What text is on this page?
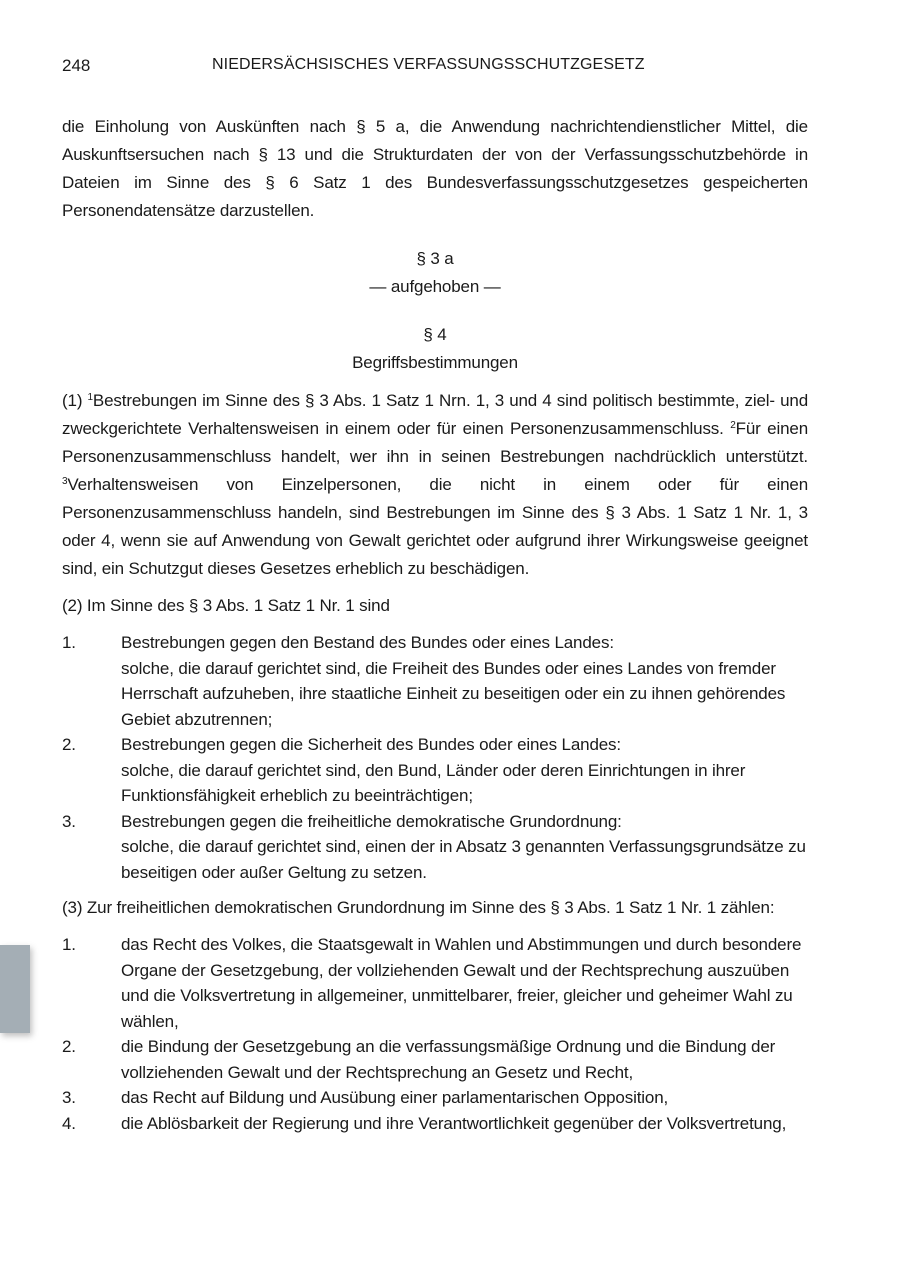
248	NIEDERSÄCHSISCHES VERFASSUNGSSCHUTZGESETZ

die Einholung von Auskünften nach § 5 a, die Anwendung nachrichtendienstlicher Mittel, die Auskunftsersuchen nach § 13 und die Strukturdaten der von der Verfassungsschutzbehörde in Dateien im Sinne des § 6 Satz 1 des Bundesverfassungsschutzgesetzes gespeicherten Personendatensätze darzustellen.

§ 3 a
— aufgehoben —
§ 4
Begriffsbestimmungen

(1) $^1$Bestrebungen im Sinne des § 3 Abs. 1 Satz 1 Nrn. 1, 3 und 4 sind politisch bestimmte, ziel- und zweckgerichtete Verhaltensweisen in einem oder für einen Personenzusammenschluss. $^2$Für einen Personenzusammenschluss handelt, wer ihn in seinen Bestrebungen nachdrücklich unterstützt. $^3$Verhaltensweisen von Einzelpersonen, die nicht in einem oder für einen Personenzusammenschluss handeln, sind Bestrebungen im Sinne des § 3 Abs. 1 Satz 1 Nr. 1, 3 oder 4, wenn sie auf Anwendung von Gewalt gerichtet oder aufgrund ihrer Wirkungsweise geeignet sind, ein Schutzgut dieses Gesetzes erheblich zu beschädigen.

(2) Im Sinne des § 3 Abs. 1 Satz 1 Nr. 1 sind

1.	Bestrebungen gegen den Bestand des Bundes oder eines Landes:
solche, die darauf gerichtet sind, die Freiheit des Bundes oder eines Landes von fremder Herrschaft aufzuheben, ihre staatliche Einheit zu beseitigen oder ein zu ihnen gehörendes Gebiet abzutrennen;
2.	Bestrebungen gegen die Sicherheit des Bundes oder eines Landes:
solche, die darauf gerichtet sind, den Bund, Länder oder deren Einrichtungen in ihrer Funktionsfähigkeit erheblich zu beeinträchtigen;
3.	Bestrebungen gegen die freiheitliche demokratische Grundordnung:
solche, die darauf gerichtet sind, einen der in Absatz 3 genannten Verfassungsgrundsätze zu beseitigen oder außer Geltung zu setzen.

(3) Zur freiheitlichen demokratischen Grundordnung im Sinne des § 3 Abs. 1 Satz 1 Nr. 1 zählen:

1.	das Recht des Volkes, die Staatsgewalt in Wahlen und Abstimmungen und durch besondere Organe der Gesetzgebung, der vollziehenden Gewalt und der Rechtsprechung auszuüben und die Volksvertretung in allgemeiner, unmittelbarer, freier, gleicher und geheimer Wahl zu wählen,
2.	die Bindung der Gesetzgebung an die verfassungsmäßige Ordnung und die Bindung der vollziehenden Gewalt und der Rechtsprechung an Gesetz und Recht,
3.	das Recht auf Bildung und Ausübung einer parlamentarischen Opposition,
4.	die Ablösbarkeit der Regierung und ihre Verantwortlichkeit gegenüber der Volksvertretung,
